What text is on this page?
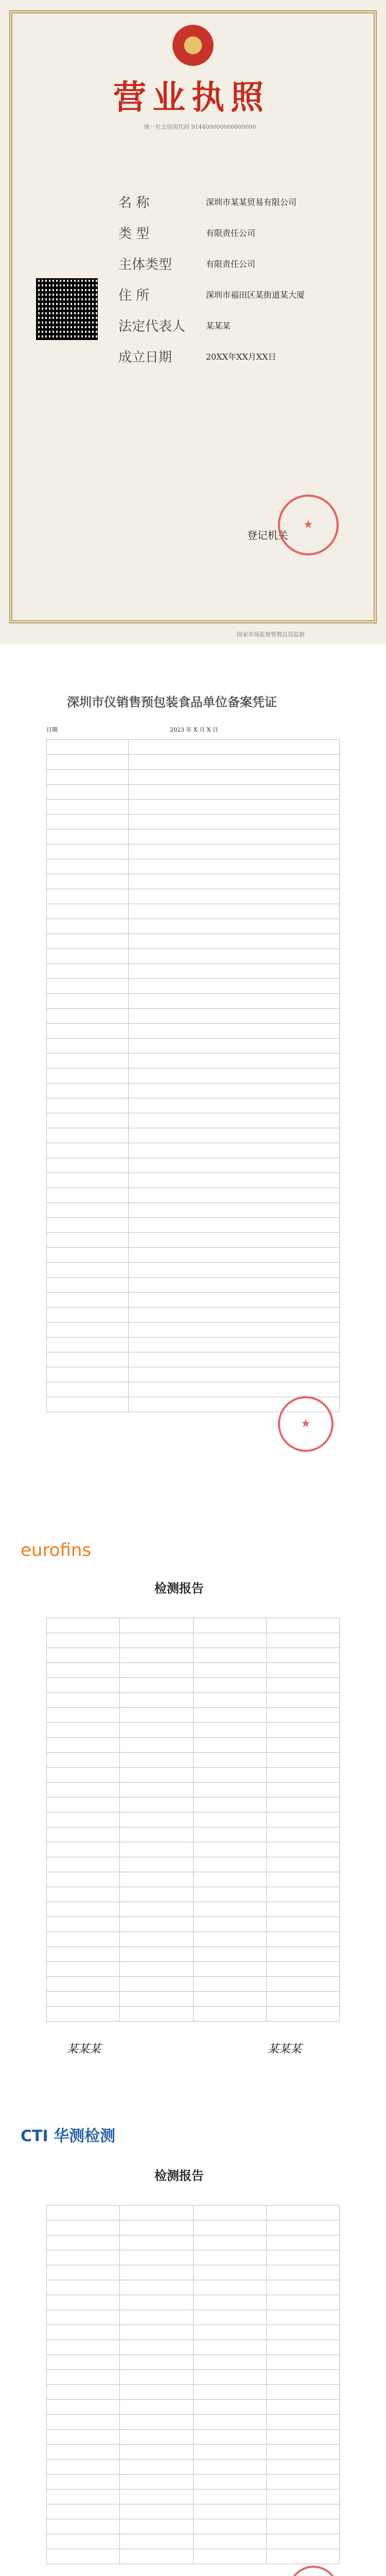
营业执照
统一社会信用代码 914400000000000000
名 称	深圳市某某贸易有限公司
类 型	有限责任公司
主体类型	有限责任公司
住 所	深圳市福田区某街道某大厦
法定代表人 某某某
成立日期	20XX年XX月XX日
登记机关
★
国家市场监督管理总局监制
深圳市仪销售预包装食品单位备案凭证
日期	2023 年 X 月 X 日

★
eurofins
检测报告

某某某	某某某
CTI 华测检测
检测报告
